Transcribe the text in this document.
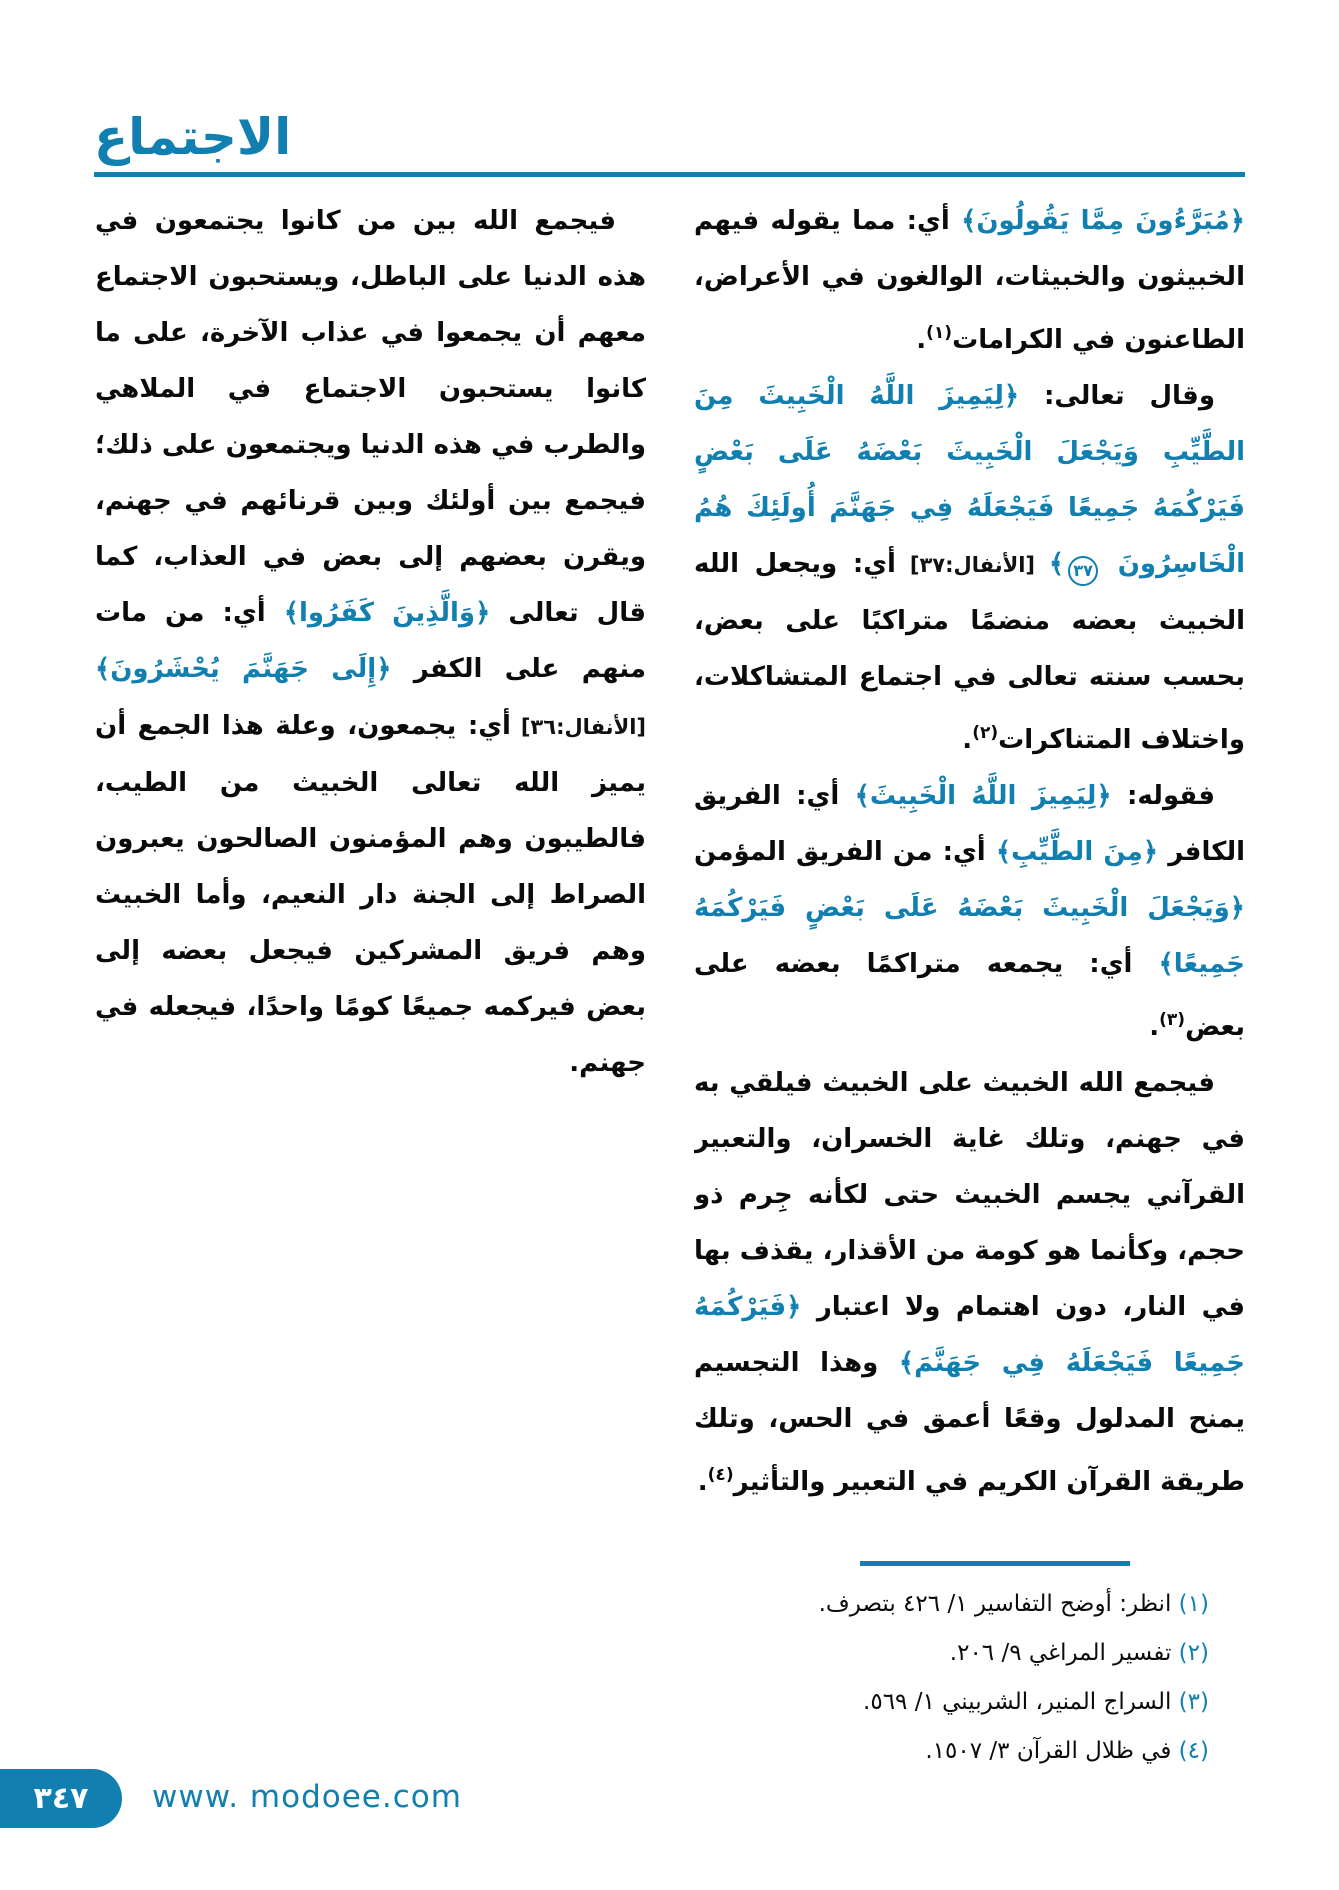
الاجتماع

﴿مُبَرَّءُونَ مِمَّا يَقُولُونَ﴾ أي: مما يقوله فيهم الخبيثون والخبيثات، الوالغون في الأعراض، الطاعنون في الكرامات$^{(١)}$.

وقال تعالى: ﴿لِيَمِيزَ اللَّهُ الْخَبِيثَ مِنَ الطَّيِّبِ وَيَجْعَلَ الْخَبِيثَ بَعْضَهُ عَلَى بَعْضٍ فَيَرْكُمَهُ جَمِيعًا فَيَجْعَلَهُ فِي جَهَنَّمَ أُولَئِكَ هُمُ الْخَاسِرُونَ ٣٧﴾ [الأنفال:٣٧] أي: ويجعل الله الخبيث بعضه منضمًا متراكبًا على بعض، بحسب سنته تعالى في اجتماع المتشاكلات، واختلاف المتناكرات$^{(٢)}$.

فقوله: ﴿لِيَمِيزَ اللَّهُ الْخَبِيثَ﴾ أي: الفريق الكافر ﴿مِنَ الطَّيِّبِ﴾ أي: من الفريق المؤمن ﴿وَيَجْعَلَ الْخَبِيثَ بَعْضَهُ عَلَى بَعْضٍ فَيَرْكُمَهُ جَمِيعًا﴾ أي: يجمعه متراكمًا بعضه على بعض$^{(٣)}$.

فيجمع الله الخبيث على الخبيث فيلقي به في جهنم، وتلك غاية الخسران، والتعبير القرآني يجسم الخبيث حتى لكأنه جِرم ذو حجم، وكأنما هو كومة من الأقذار، يقذف بها في النار، دون اهتمام ولا اعتبار ﴿فَيَرْكُمَهُ جَمِيعًا فَيَجْعَلَهُ فِي جَهَنَّمَ﴾ وهذا التجسيم يمنح المدلول وقعًا أعمق في الحس، وتلك طريقة القرآن الكريم في التعبير والتأثير$^{(٤)}$.

(١) انظر: أوضح التفاسير ١/ ٤٢٦ بتصرف.
(٢) تفسير المراغي ٩/ ٢٠٦.
(٣) السراج المنير، الشربيني ١/ ٥٦٩.
(٤) في ظلال القرآن ٣/ ١٥٠٧.

فيجمع الله بين من كانوا يجتمعون في هذه الدنيا على الباطل، ويستحبون الاجتماع معهم أن يجمعوا في عذاب الآخرة، على ما كانوا يستحبون الاجتماع في الملاهي والطرب في هذه الدنيا ويجتمعون على ذلك؛ فيجمع بين أولئك وبين قرنائهم في جهنم، ويقرن بعضهم إلى بعض في العذاب، كما قال تعالى ﴿وَالَّذِينَ كَفَرُوا﴾ أي: من مات منهم على الكفر ﴿إِلَى جَهَنَّمَ يُحْشَرُونَ﴾ [الأنفال:٣٦] أي: يجمعون، وعلة هذا الجمع أن يميز الله تعالى الخبيث من الطيب، فالطيبون وهم المؤمنون الصالحون يعبرون الصراط إلى الجنة دار النعيم، وأما الخبيث وهم فريق المشركين فيجعل بعضه إلى بعض فيركمه جميعًا كومًا واحدًا، فيجعله في جهنم.

٣٤٧ www. modoee.com
